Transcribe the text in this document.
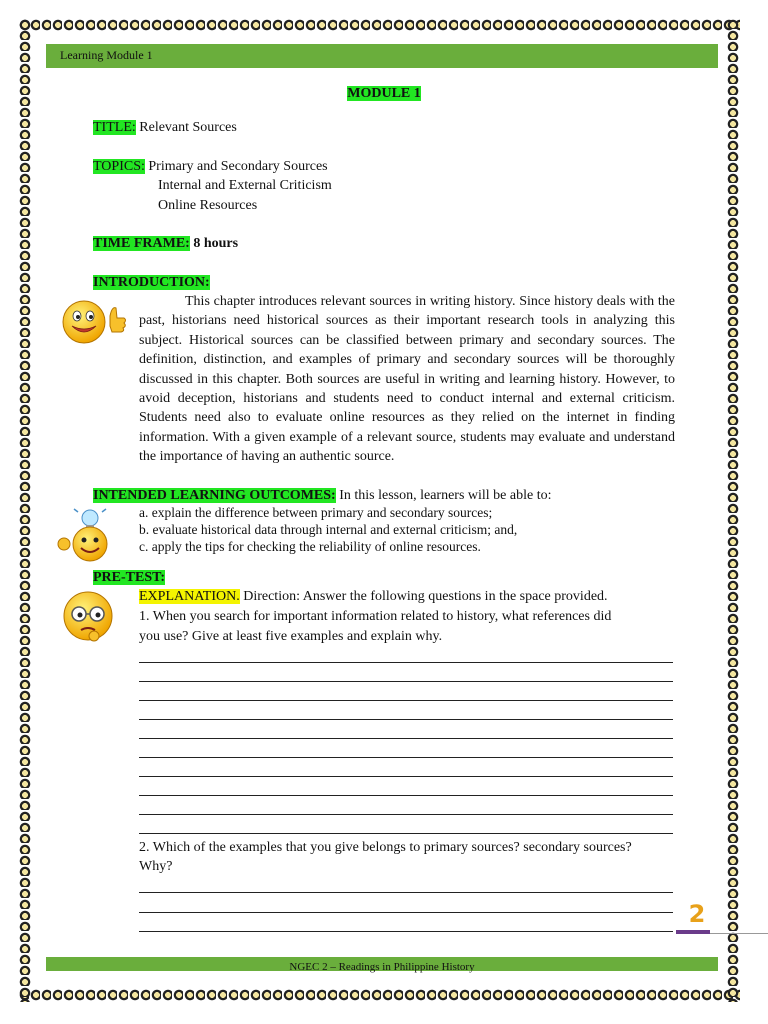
Learning Module 1
MODULE 1
TITLE: Relevant Sources
TOPICS: Primary and Secondary Sources
Internal and External Criticism
Online Resources
TIME FRAME: 8 hours
INTRODUCTION:
This chapter introduces relevant sources in writing history. Since history deals with the past, historians need historical sources as their important research tools in analyzing this subject. Historical sources can be classified between primary and secondary sources. The definition, distinction, and examples of primary and secondary sources will be thoroughly discussed in this chapter. Both sources are useful in writing and learning history. However, to avoid deception, historians and students need to conduct internal and external criticism. Students need also to evaluate online resources as they relied on the internet in finding information. With a given example of a relevant source, students may evaluate and understand the importance of having an authentic source.
INTENDED LEARNING OUTCOMES: In this lesson, learners will be able to:
a. explain the difference between primary and secondary sources;
b. evaluate historical data through internal and external criticism; and,
c. apply the tips for checking the reliability of online resources.
PRE-TEST:
EXPLANATION. Direction: Answer the following questions in the space provided.
1. When you search for important information related to history, what references did
you use? Give at least five examples and explain why.
2. Which of the examples that you give belongs to primary sources? secondary sources?
Why?
2
NGEC 2 – Readings in Philippine History
